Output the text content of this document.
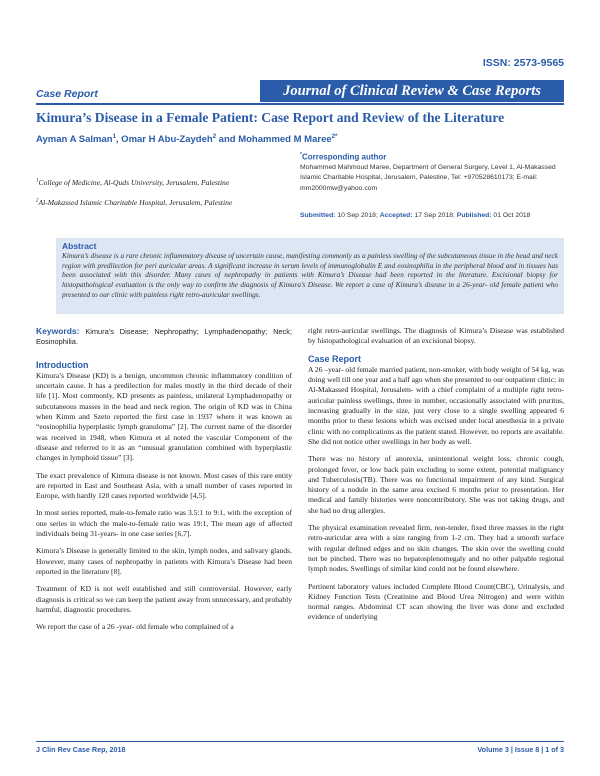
ISSN: 2573-9565
Case Report	Journal of Clinical Review & Case Reports
Kimura’s Disease in a Female Patient: Case Report and Review of the Literature
Ayman A Salman$^1$, Omar H Abu-Zaydeh$^2$ and Mohammed M Maree$^{2*}$
$^1$College of Medicine, Al-Quds University, Jerusalem, Palestine
$^2$Al-Makassed Islamic Charitable Hospital, Jerusalem, Palestine
*Corresponding author
Mohammed Mahmoud Maree, Department of General Surgery, Level 1, Al-Makassed Islamic Charitable Hospital, Jerusalem, Palestine, Tel: +970528610173; E-mail: mm2000mw@yahoo.com
Submitted: 10 Sep 2018; Accepted: 17 Sep 2018; Published: 01 Oct 2018
Abstract
Kimura’s disease is a rare chronic inflammatory disease of uncertain cause, manifesting commonly as a painless swelling of the subcutaneous tissue in the head and neck region with predilection for peri auricular areas. A significant increase in serum levels of immunoglobulin E and eosinophilia in the peripheral blood and in tissues has been associated with this disorder. Many cases of nephropathy in patients with Kimura’s Disease had been reported in the literature. Excisional biopsy for histopathological evaluation is the only way to confirm the diagnosis of Kimura’s Disease. We report a case of Kimura’s disease in a 26-year- old female patient who presented to our clinic with painless right retro-auricular swellings.

Keywords: Kimura’s Disease; Nephropathy; Lymphadenopathy; Neck; Eosinophilia.

Introduction

Kimura’s Disease (KD) is a benign, uncommon chronic inflammatory condition of uncertain cause. It has a predilection for males mostly in the third decade of their life [1]. Most commonly, KD presents as painless, unilateral Lymphadenopathy or subcutaneous masses in the head and neck region. The origin of KD was in China when Kimm and Szeto reported the first case in 1937 where it was known as “eosinophilia hyperplastic lymph granuloma” [2]. The current name of the disorder was received in 1948, when Kimura et al noted the vascular Component of the disease and referred to it as an “unusual granulation combined with hyperplastic changes in lymphoid tissue” [3].

The exact prevalence of Kimura disease is not known. Most cases of this rare entity are reported in East and Southeast Asia, with a small number of cases reported in Europe, with hardly 120 cases reported worldwide [4,5].

In most series reported, male-to-female ratio was 3.5:1 to 9:1, with the exception of one series in which the male-to-female ratio was 19:1, The mean age of affected individuals being 31-years- in one case series [6,7].

Kimura’s Disease is generally limited to the skin, lymph nodes, and salivary glands. However, many cases of nephropathy in patients with Kimura’s Disease had been reported in the literature [8].

Treatment of KD is not well established and still controversial. However, early diagnosis is critical so we can keep the patient away from unnecessary, and probably harmful, diagnostic procedures.

We report the case of a 26 -year- old female who complained of a

right retro-auricular swellings. The diagnosis of Kimura’s Disease was established by histopathological evaluation of an excisional biopsy.

Case Report

A 26 –year- old female married patient, non-smoker, with body weight of 54 kg, was doing well till one year and a half ago when she presented to our outpatient clinic; in Al-Makassed Hospital, Jerusalem- with a chief complaint of a multiple right retro- auricular painless swellings, three in number, occasionally associated with pruritus, increasing gradually in the size, just very close to a single swelling appeared 6 months prior to these lesions which was excised under local anesthesia in a private clinic with no complications as the patient stated. However, no reports are available. She did not notice other swellings in her body as well.

There was no history of anorexia, unintentional weight loss, chronic cough, prolonged fever, or low back pain excluding to some extent, potential malignancy and Tuberculosis(TB). There was no functional impairment of any kind. Surgical history of a nodule in the same area excised 6 months prior to presentation. Her medical and family histories were noncontributory. She was not taking drugs, and she had no drug allergies.

The physical examination revealed firm, non-tender, fixed three masses in the right retro-auricular area with a size ranging from 1-2 cm. They had a smooth surface with regular defined edges and no skin changes. The skin over the swelling could not be pinched. There was no hepatosplenomegaly and no other palpable regional lymph nodes. Swellings of similar kind could not be found elsewhere.

Pertinent laboratory values included Complete Blood Count(CBC), Urinalysis, and Kidney Function Tests (Creatinine and Blood Urea Nitrogen) and were within normal ranges. Abdominal CT scan showing the liver was done and excluded evidence of underlying

J Clin Rev Case Rep, 2018	Volume 3 | Issue 8 | 1 of 3
